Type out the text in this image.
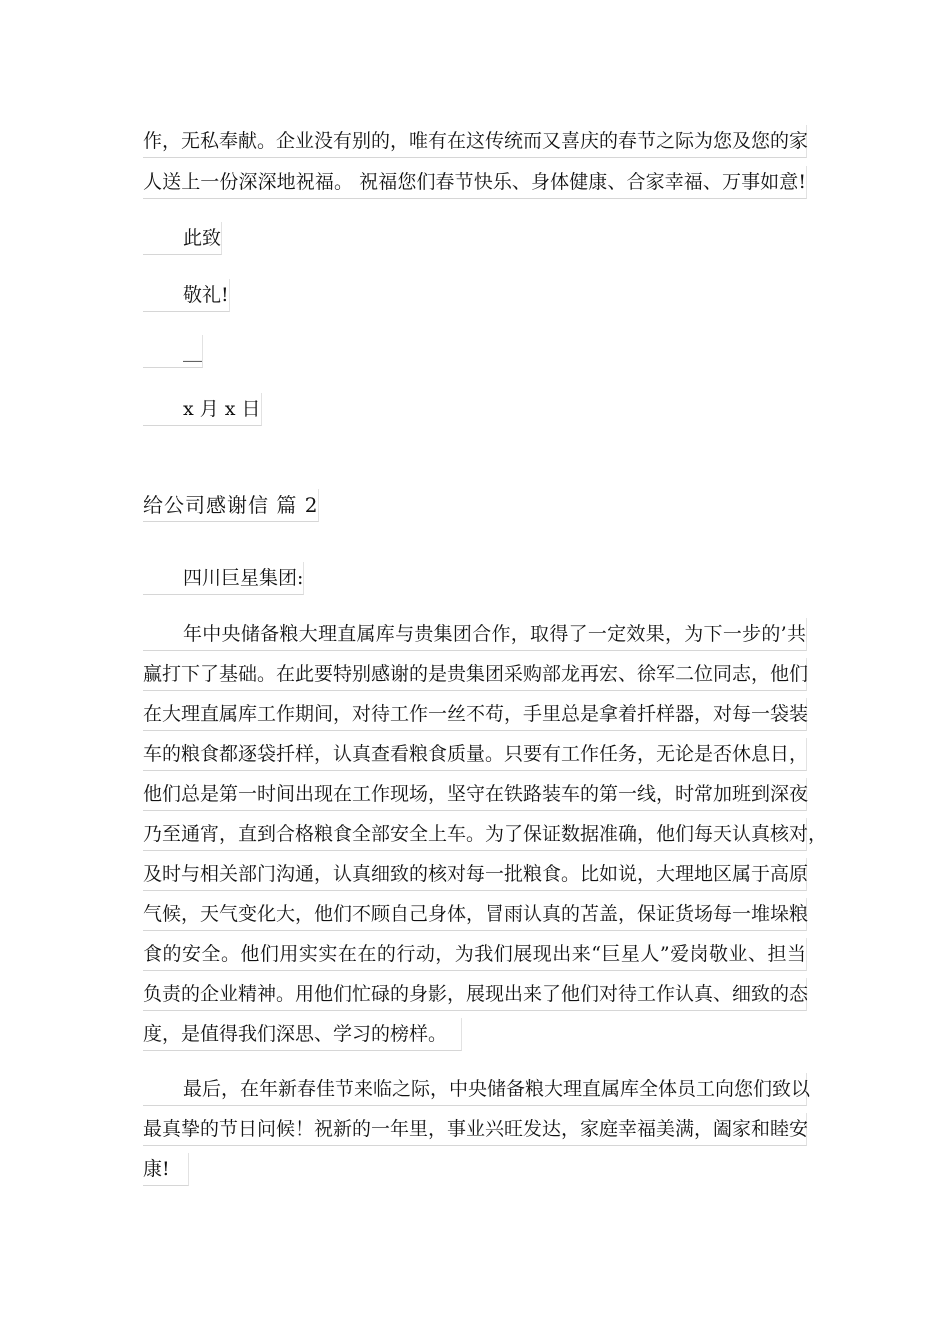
作，无私奉献。企业没有别的，唯有在这传统而又喜庆的春节之际为您及您的家
人送上一份深深地祝福。 祝福您们春节快乐、身体健康、合家幸福、万事如意!
此致
敬礼!
__
x 月 x 日
给公司感谢信 篇 2
四川巨星集团:
年中央储备粮大理直属库与贵集团合作，取得了一定效果，为下一步的’共
赢打下了基础。在此要特别感谢的是贵集团采购部龙再宏、徐军二位同志，他们
在大理直属库工作期间，对待工作一丝不苟，手里总是拿着扦样器，对每一袋装
车的粮食都逐袋扦样，认真查看粮食质量。只要有工作任务，无论是否休息日，
他们总是第一时间出现在工作现场，坚守在铁路装车的第一线，时常加班到深夜
乃至通宵，直到合格粮食全部安全上车。为了保证数据准确，他们每天认真核对，
及时与相关部门沟通，认真细致的核对每一批粮食。比如说，大理地区属于高原
气候，天气变化大，他们不顾自己身体，冒雨认真的苫盖，保证货场每一堆垛粮
食的安全。他们用实实在在的行动，为我们展现出来“巨星人”爱岗敬业、担当
负责的企业精神。用他们忙碌的身影，展现出来了他们对待工作认真、细致的态
度，是值得我们深思、学习的榜样。
最后，在年新春佳节来临之际，中央储备粮大理直属库全体员工向您们致以
最真挚的节日问候！祝新的一年里，事业兴旺发达，家庭幸福美满，阖家和睦安
康!
